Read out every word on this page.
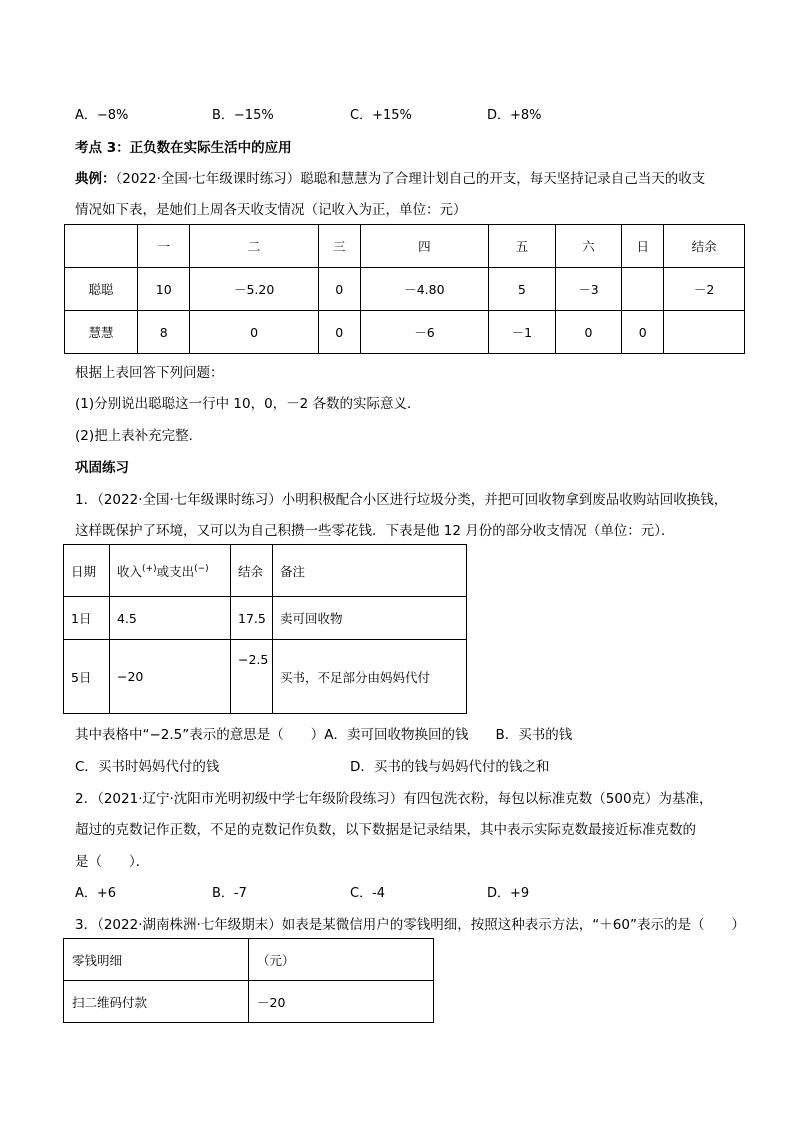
A．−8%	B．−15%	C．+15%	D．+8%
考点 3：正负数在实际生活中的应用
典例：（2022·全国·七年级课时练习）聪聪和慧慧为了合理计划自己的开支，每天坚持记录自己当天的收支
情况如下表，是她们上周各天收支情况（记收入为正，单位：元）
	一	二	三	四	五	六	日	结余
聪聪	10	－5.20	0	－4.80	5	－3		－2
慧慧	8	0	0	－6	－1	0	0	
根据上表回答下列问题：
(1)分别说出聪聪这一行中 10，0，－2 各数的实际意义．
(2)把上表补充完整．
巩固练习
1．（2022·全国·七年级课时练习）小明积极配合小区进行垃圾分类，并把可回收物拿到废品收购站回收换钱，
这样既保护了环境，又可以为自己积攒一些零花钱．下表是他 12 月份的部分收支情况（单位：元）．
日期	收入(+)或支出(−)	结余	备注
1日	4.5	17.5	卖可回收物
5日	−20	−2.5	买书，不足部分由妈妈代付
其中表格中“−2.5”表示的意思是（　　）A．卖可回收物换回的钱　　B．买书的钱
C．买书时妈妈代付的钱	D．买书的钱与妈妈代付的钱之和
2．（2021·辽宁·沈阳市光明初级中学七年级阶段练习）有四包洗衣粉，每包以标准克数（500克）为基准，
超过的克数记作正数，不足的克数记作负数，以下数据是记录结果，其中表示实际克数最接近标准克数的
是（　　）．
A．+6	B．-7	C．-4	D．+9
3．（2022·湖南株洲·七年级期末）如表是某微信用户的零钱明细，按照这种表示方法，“＋60”表示的是（　　）
零钱明细	（元）
扫二维码付款	－20
